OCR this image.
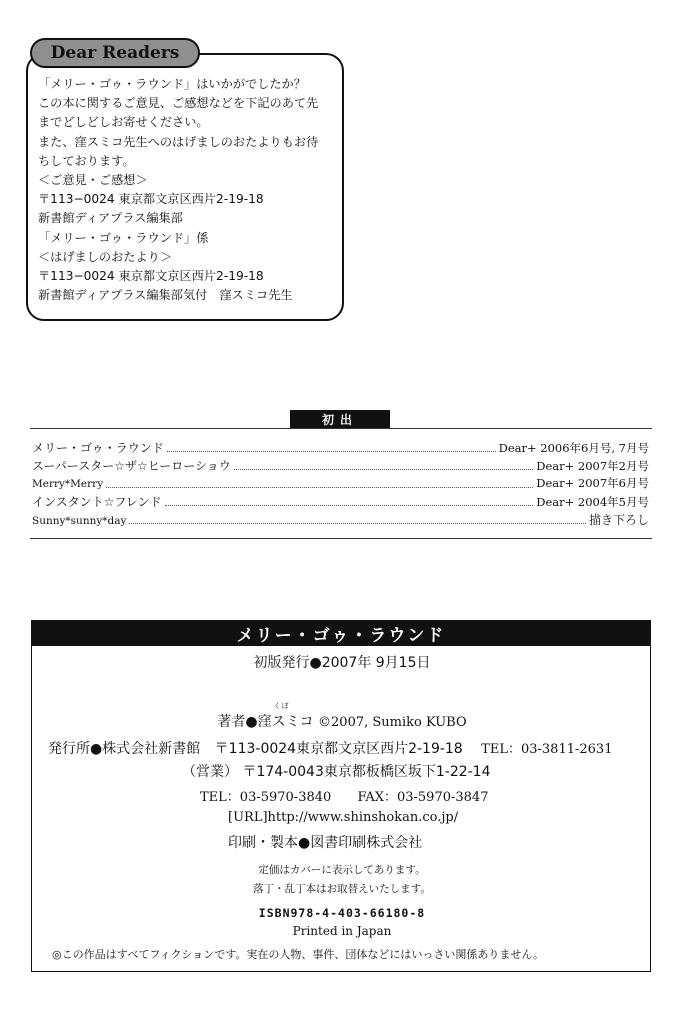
Dear Readers
「メリー・ゴゥ・ラウンド」はいかがでしたか？
この本に関するご意見、ご感想などを下記のあて先
までどしどしお寄せください。
また、窪スミコ先生へのはげましのおたよりもお待
ちしております。
＜ご意見・ご感想＞
〒113−0024 東京都文京区西片2-19-18
新書館ディアプラス編集部
「メリー・ゴゥ・ラウンド」係
＜はげましのおたより＞
〒113−0024 東京都文京区西片2-19-18
新書館ディアプラス編集部気付　窪スミコ先生
初出
メリー・ゴゥ・ラウンド	Dear+ 2006年6月号, 7月号
スーパースター☆ザ☆ヒーローショウ	Dear+ 2007年2月号
Merry*Merry	Dear+ 2007年6月号
インスタント☆フレンド	Dear+ 2004年5月号
Sunny*sunny*day	描き下ろし
メリー・ゴゥ・ラウンド
初版発行●2007年 9月15日
著者●
くぼ
窪スミコ ©2007, Sumiko KUBO
発行所●株式会社新書館 〒113-0024東京都文京区西片2-19-18 TEL：03-3811-2631
（営業） 〒174-0043東京都板橋区坂下1-22-14
TEL：03-5970-3840 FAX：03-5970-3847
[URL]http://www.shinshokan.co.jp/
印刷・製本●図書印刷株式会社
定価はカバーに表示してあります。
落丁・乱丁本はお取替えいたします。
ISBN978-4-403-66180-8
Printed in Japan
◎この作品はすべてフィクションです。実在の人物、事件、団体などにはいっさい関係ありません。
